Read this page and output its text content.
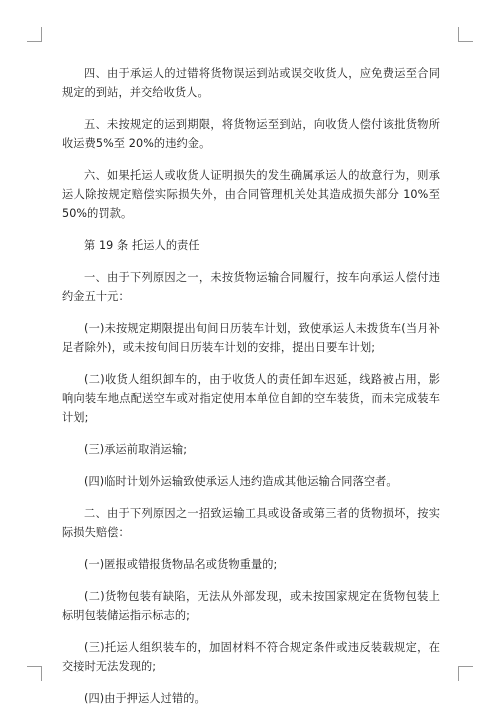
四、由于承运人的过错将货物误运到站或误交收货人，应免费运至合同规定的到站，并交给收货人。

五、未按规定的运到期限，将货物运至到站，向收货人偿付该批货物所收运费5%至 20%的违约金。

六、如果托运人或收货人证明损失的发生确属承运人的故意行为，则承运人除按规定赔偿实际损失外，由合同管理机关处其造成损失部分 10%至 50%的罚款。

第 19 条 托运人的责任

一、由于下列原因之一，未按货物运输合同履行，按车向承运人偿付违约金五十元：

(一)未按规定期限提出旬间日历装车计划，致使承运人未拨货车(当月补足者除外)，或未按旬间日历装车计划的安排，提出日要车计划;

(二)收货人组织卸车的，由于收货人的责任卸车迟延，线路被占用，影响向装车地点配送空车或对指定使用本单位自卸的空车装货，而未完成装车计划;

(三)承运前取消运输;

(四)临时计划外运输致使承运人违约造成其他运输合同落空者。

二、由于下列原因之一招致运输工具或设备或第三者的货物损坏，按实际损失赔偿：

(一)匿报或错报货物品名或货物重量的;

(二)货物包装有缺陷，无法从外部发现，或未按国家规定在货物包装上标明包装储运指示标志的;

(三)托运人组织装车的，加固材料不符合规定条件或违反装载规定，在交接时无法发现的;

(四)由于押运人过错的。
